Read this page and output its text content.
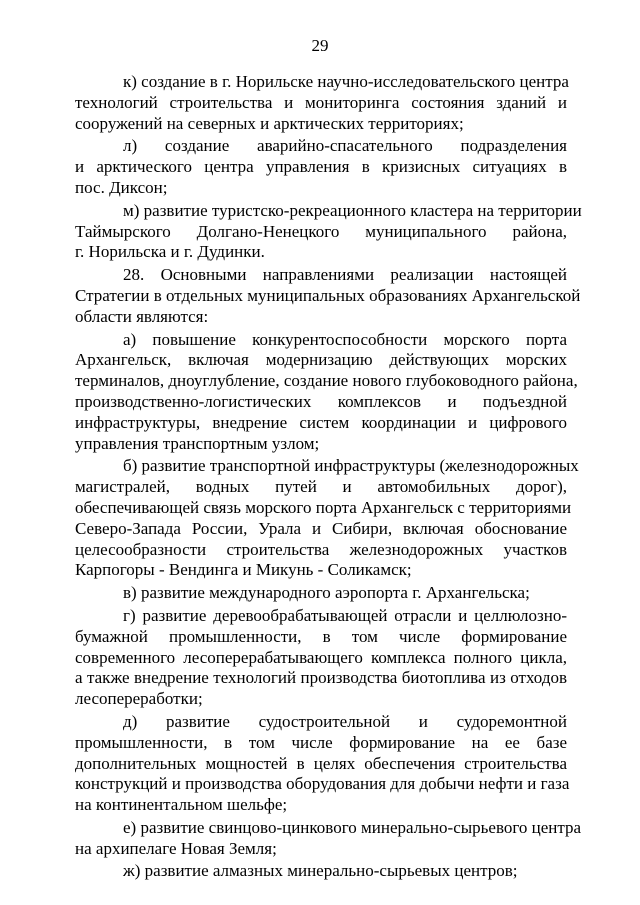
29
к) создание в г. Норильске научно-исследовательского центра
технологий строительства и мониторинга состояния зданий и
сооружений на северных и арктических территориях;
л) создание аварийно-спасательного подразделения
и арктического центра управления в кризисных ситуациях в
пос. Диксон;
м) развитие туристско-рекреационного кластера на территории
Таймырского Долгано-Ненецкого муниципального района,
г. Норильска и г. Дудинки.
28. Основными направлениями реализации настоящей
Стратегии в отдельных муниципальных образованиях Архангельской
области являются:
а) повышение конкурентоспособности морского порта
Архангельск, включая модернизацию действующих морских
терминалов, дноуглубление, создание нового глубоководного района,
производственно-логистических комплексов и подъездной
инфраструктуры, внедрение систем координации и цифрового
управления транспортным узлом;
б) развитие транспортной инфраструктуры (железнодорожных
магистралей, водных путей и автомобильных дорог),
обеспечивающей связь морского порта Архангельск с территориями
Северо-Запада России, Урала и Сибири, включая обоснование
целесообразности строительства железнодорожных участков
Карпогоры - Вендинга и Микунь - Соликамск;
в) развитие международного аэропорта г. Архангельска;
г) развитие деревообрабатывающей отрасли и целлюлозно-
бумажной промышленности, в том числе формирование
современного лесоперерабатывающего комплекса полного цикла,
а также внедрение технологий производства биотоплива из отходов
лесопереработки;
д) развитие судостроительной и судоремонтной
промышленности, в том числе формирование на ее базе
дополнительных мощностей в целях обеспечения строительства
конструкций и производства оборудования для добычи нефти и газа
на континентальном шельфе;
е) развитие свинцово-цинкового минерально-сырьевого центра
на архипелаге Новая Земля;
ж) развитие алмазных минерально-сырьевых центров;
